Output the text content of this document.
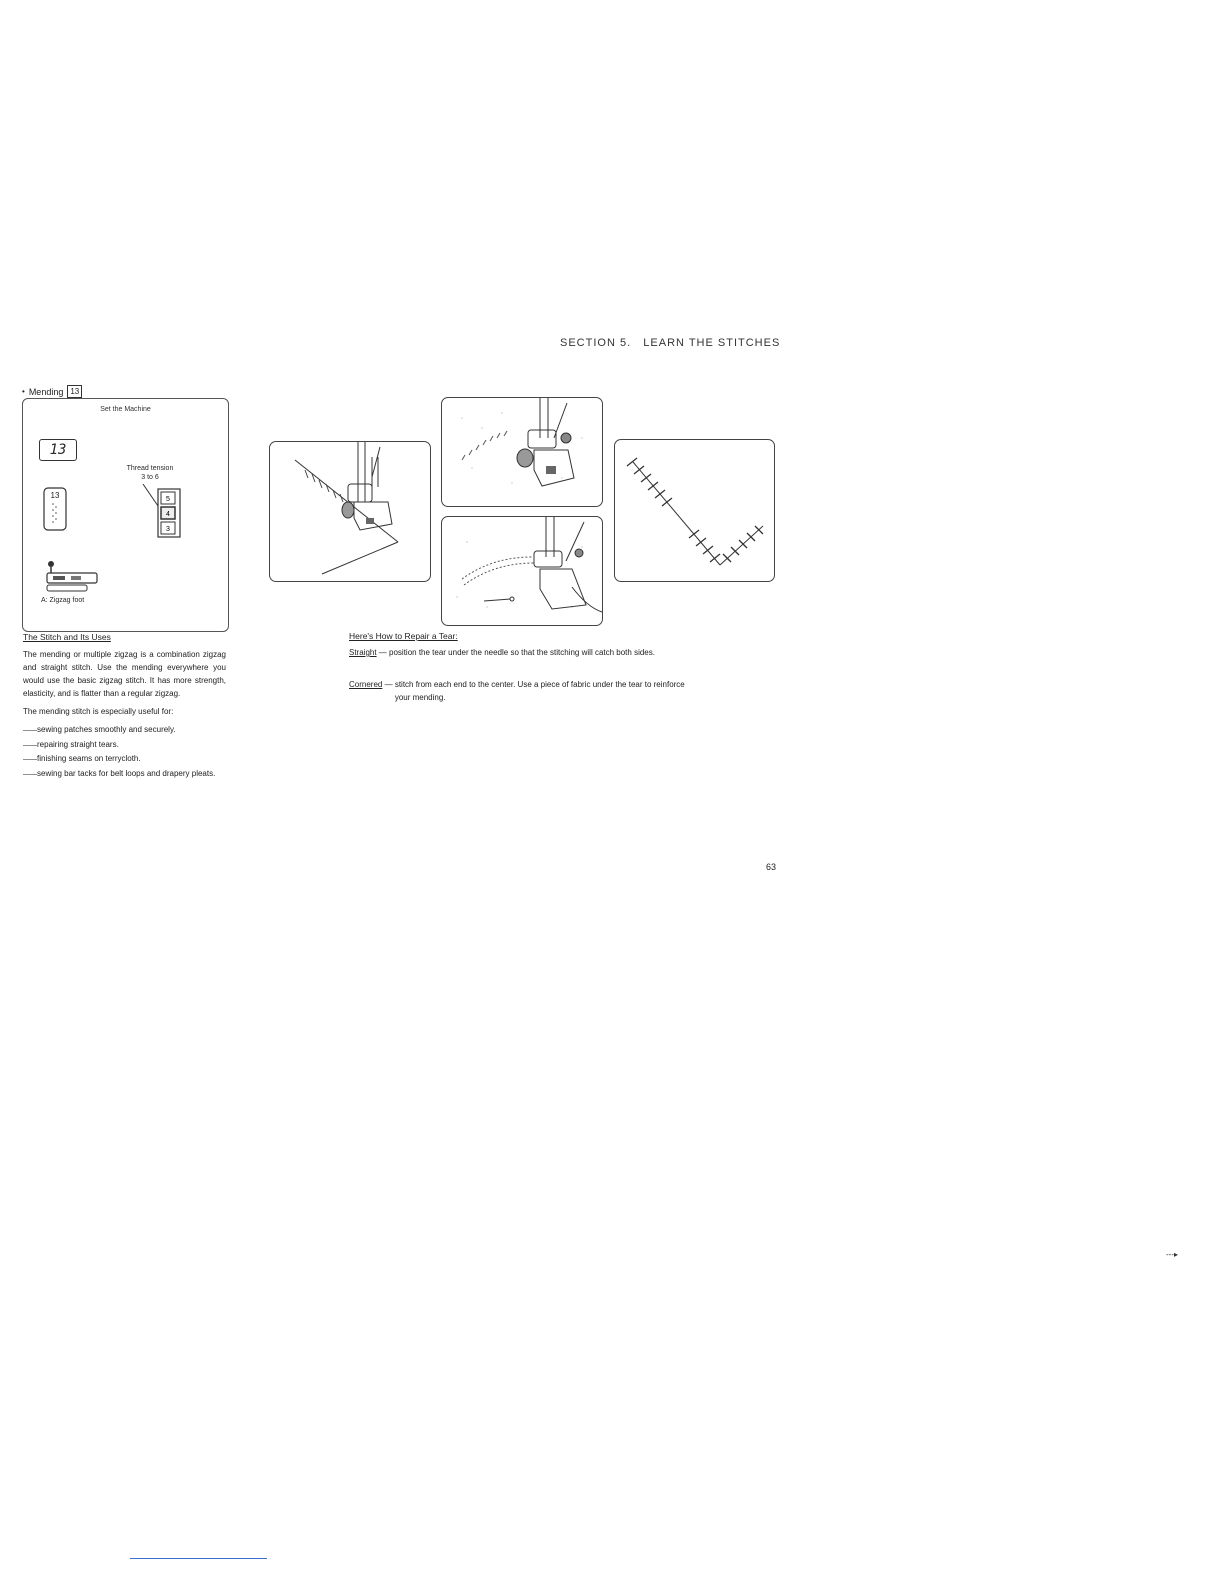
SECTION 5.   LEARN THE STITCHES
• Mending 13
Set the Machine
13
13
Thread tension
3 to 6
5
4
3
A: Zigzag foot
The Stitch and Its Uses

The mending or multiple zigzag is a combination zigzag and straight stitch. Use the mending everywhere you would use the basic zigzag stitch. It has more strength, elasticity, and is flatter than a regular zigzag.

The mending stitch is especially useful for:

—— sewing patches smoothly and securely.
—— repairing straight tears.
—— finishing seams on terrycloth.
—— sewing bar tacks for belt loops and drapery pleats.
Here's How to Repair a Tear:
Straight — position the tear under the needle so that the stitching will catch both sides.
Cornered — stitch from each end to the center. Use a piece of fabric under the tear to reinforce your mending.
63
---▸
